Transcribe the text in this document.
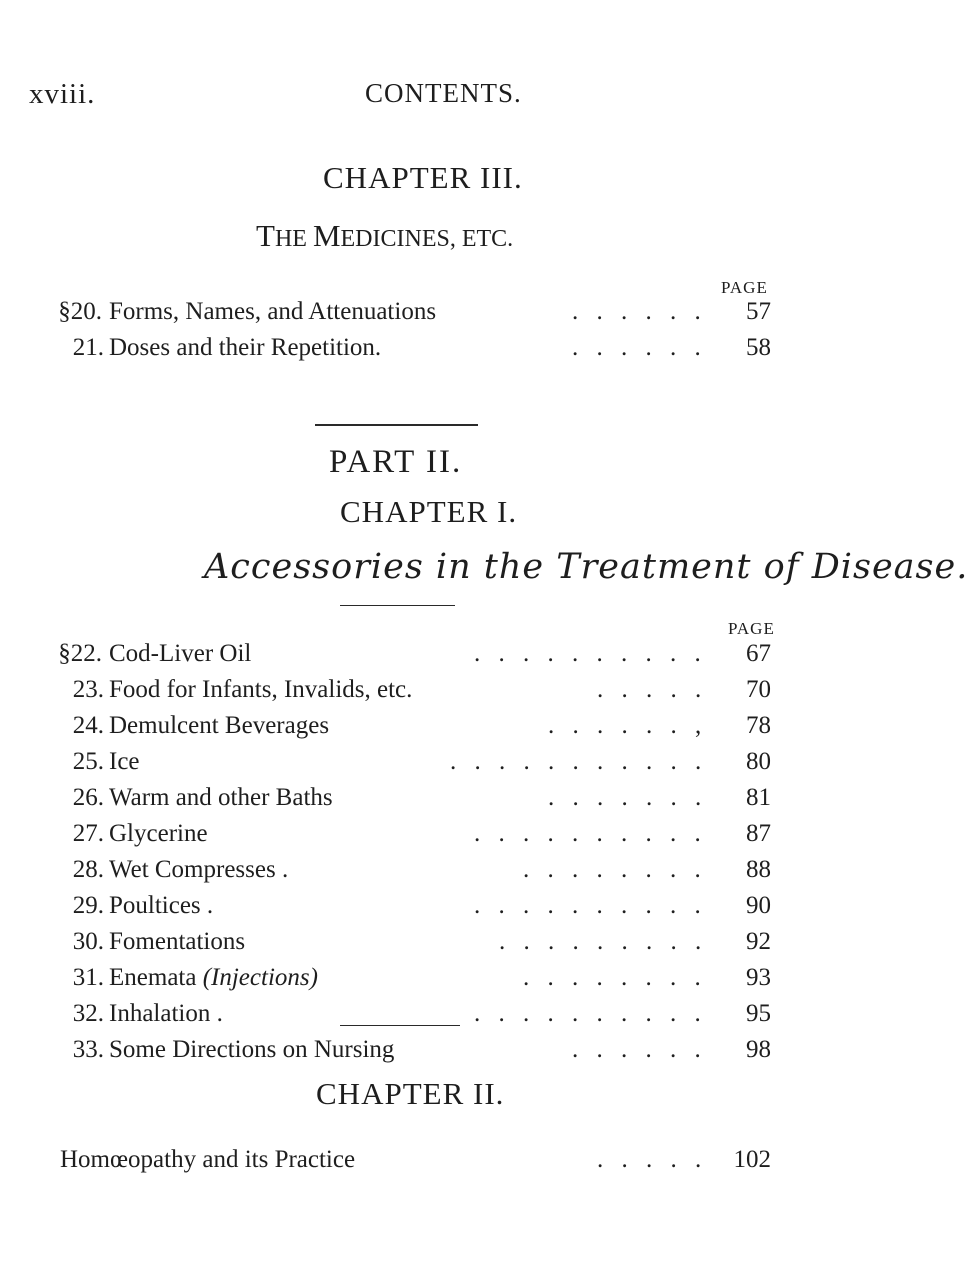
xviii.	CONTENTS.
CHAPTER III.
THE MEDICINES, ETC.
PAGE
§20. Forms, Names, and Attenuations	. . . . . .	57
21. Doses and their Repetition.	. . . . . .	58
PART II.
CHAPTER I.
Accessories in the Treatment of Disease.
PAGE
§22. Cod-Liver Oil	. . . . . . . . . .	67
23. Food for Infants, Invalids, etc.	. . . . .	70
24. Demulcent Beverages	. . . . . . ,	78
25. Ice	. . . . . . . . . . .	80
26. Warm and other Baths	. . . . . . .	81
27. Glycerine	. . . . . . . . . .	87
28. Wet Compresses .	. . . . . . . .	88
29. Poultices .	. . . . . . . . . .	90
30. Fomentations	. . . . . . . . .	92
31. Enemata (Injections)	. . . . . . . .	93
32. Inhalation .	. . . . . . . . . .	95
33. Some Directions on Nursing	. . . . . .	98
CHAPTER II.
Homœopathy and its Practice	. . . . .	102
